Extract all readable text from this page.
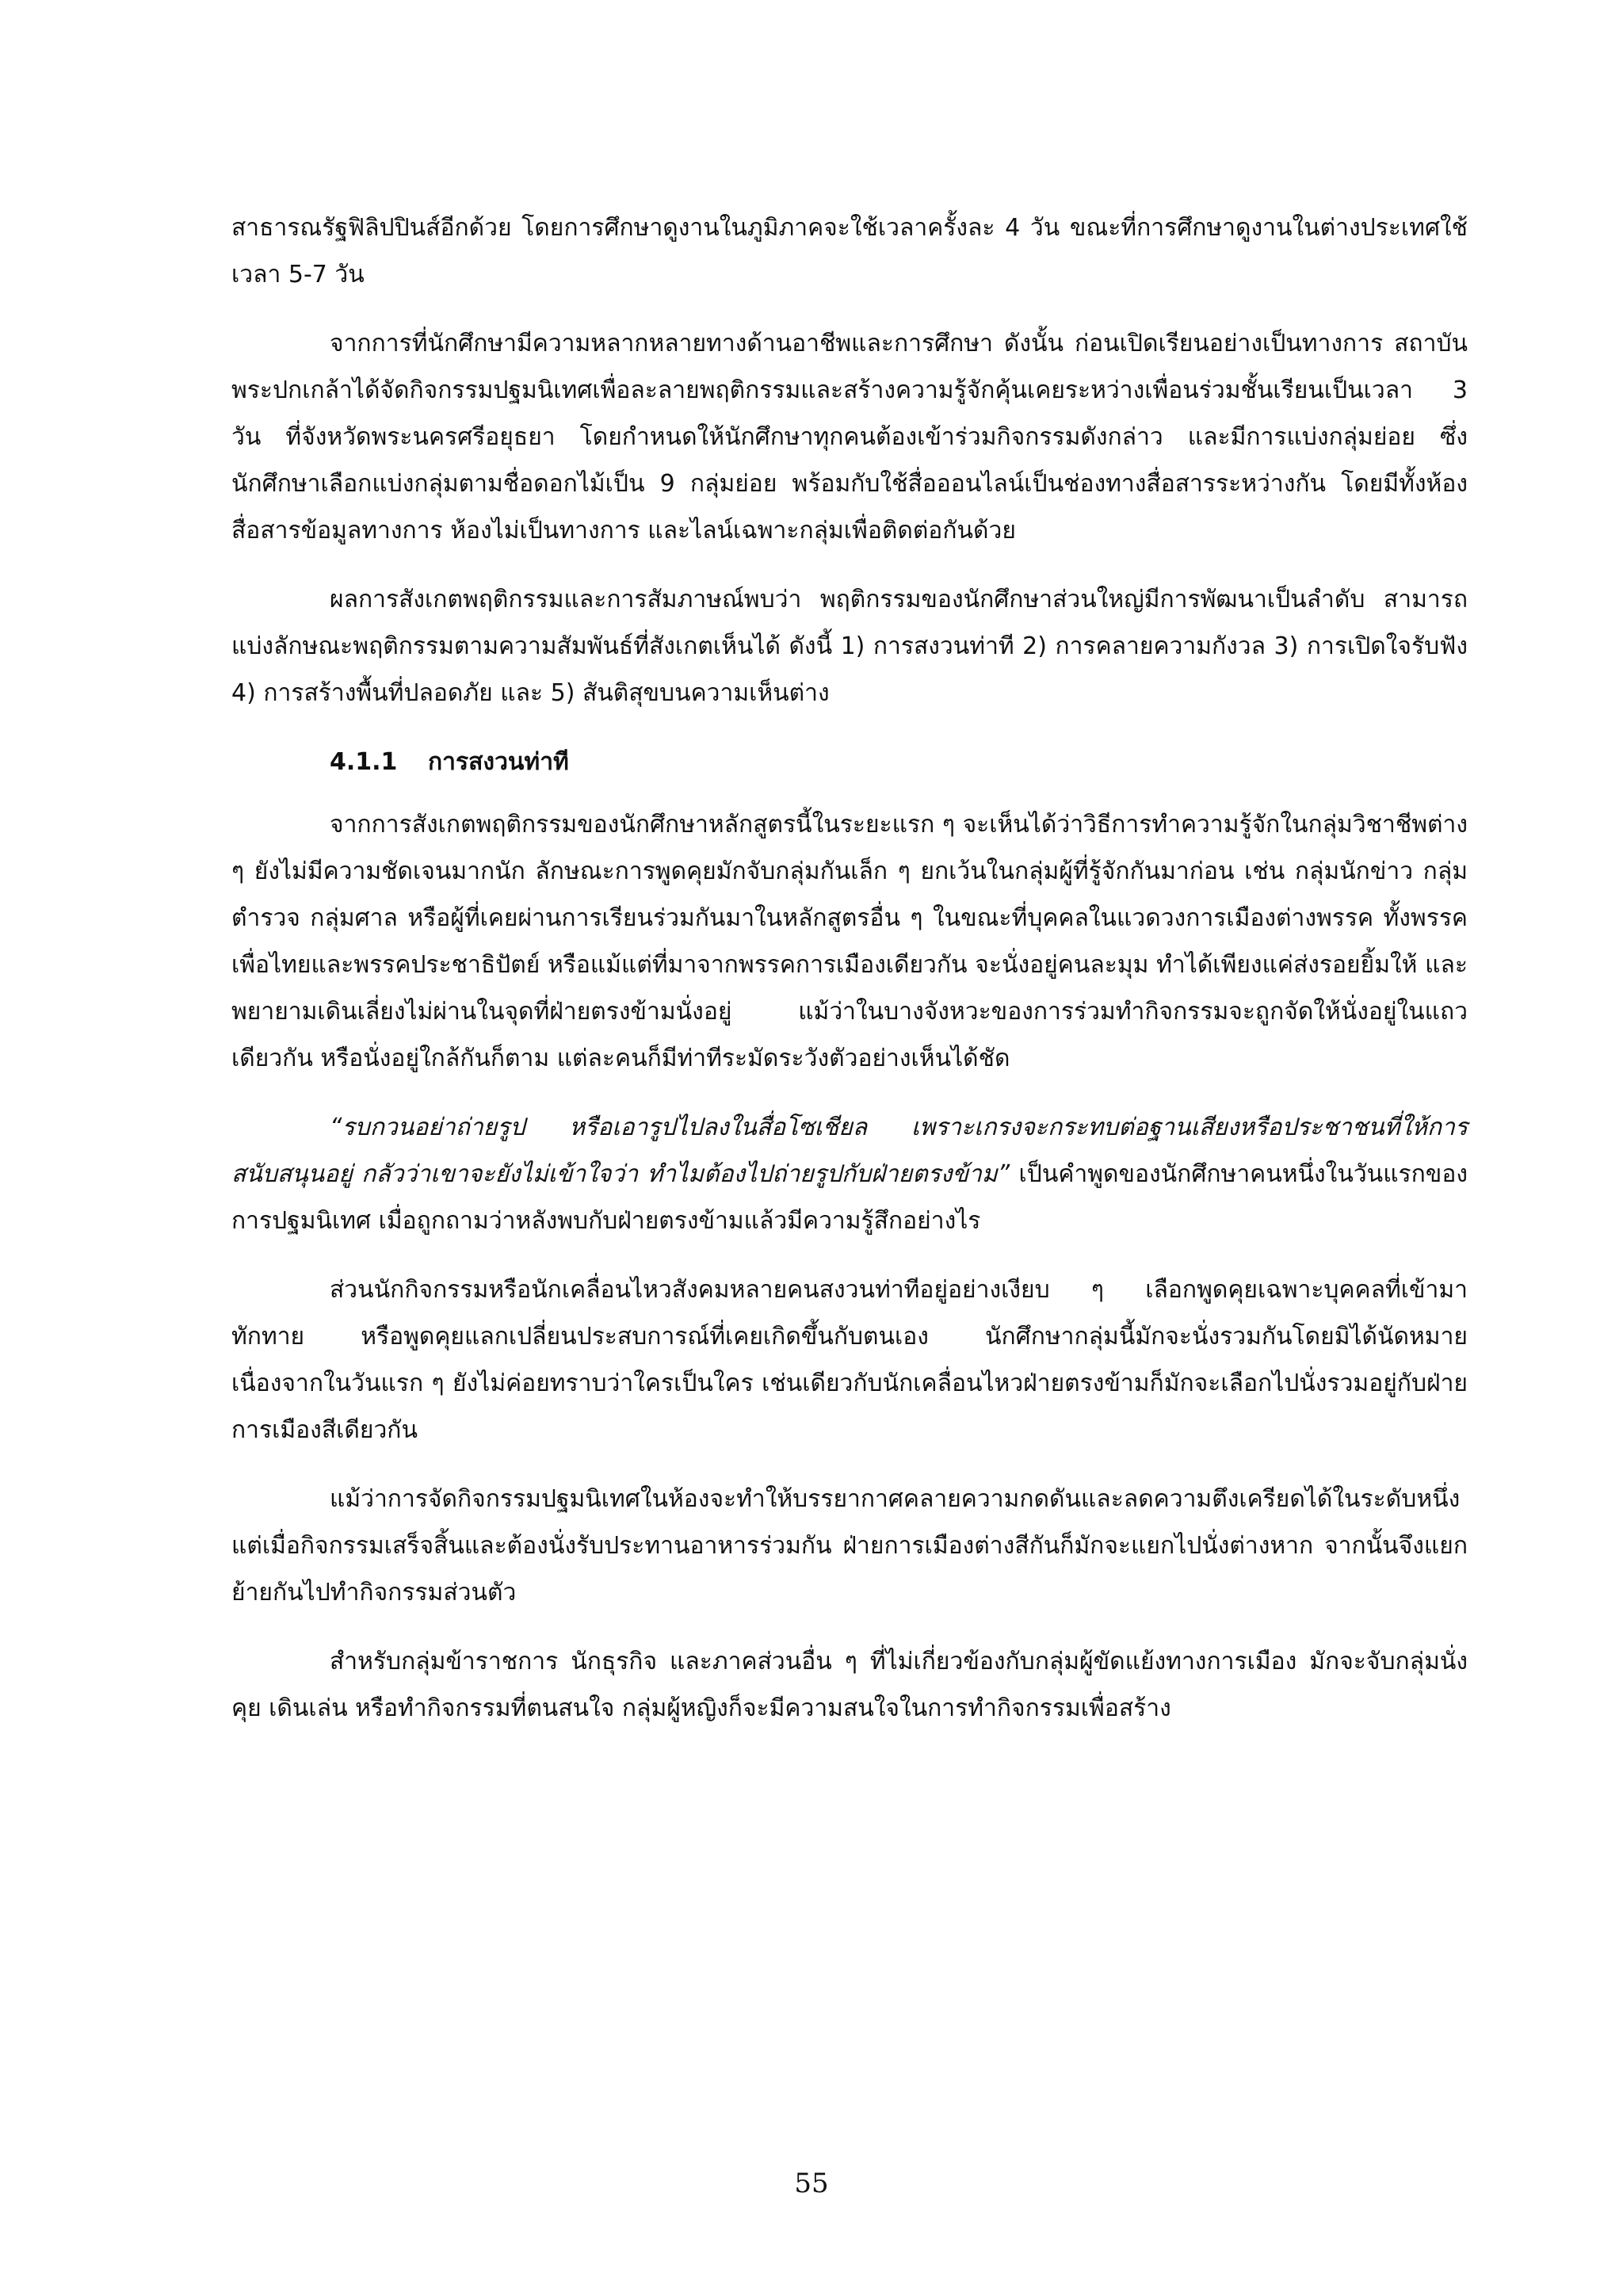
สาธารณรัฐฟิลิปปินส์อีกด้วย โดยการศึกษาดูงานในภูมิภาคจะใช้เวลาครั้งละ 4 วัน ขณะที่การศึกษาดูงานในต่างประเทศใช้เวลา 5-7 วัน

จากการที่นักศึกษามีความหลากหลายทางด้านอาชีพและการศึกษา ดังนั้น ก่อนเปิดเรียนอย่างเป็นทางการ สถาบันพระปกเกล้าได้จัดกิจกรรมปฐมนิเทศเพื่อละลายพฤติกรรมและสร้างความรู้จักคุ้นเคยระหว่างเพื่อนร่วมชั้นเรียนเป็นเวลา 3 วัน ที่จังหวัดพระนครศรีอยุธยา โดยกำหนดให้นักศึกษาทุกคนต้องเข้าร่วมกิจกรรมดังกล่าว และมีการแบ่งกลุ่มย่อย ซึ่งนักศึกษาเลือกแบ่งกลุ่มตามชื่อดอกไม้เป็น 9 กลุ่มย่อย พร้อมกับใช้สื่อออนไลน์เป็นช่องทางสื่อสารระหว่างกัน โดยมีทั้งห้องสื่อสารข้อมูลทางการ ห้องไม่เป็นทางการ และไลน์เฉพาะกลุ่มเพื่อติดต่อกันด้วย

ผลการสังเกตพฤติกรรมและการสัมภาษณ์พบว่า พฤติกรรมของนักศึกษาส่วนใหญ่มีการพัฒนาเป็นลำดับ สามารถแบ่งลักษณะพฤติกรรมตามความสัมพันธ์ที่สังเกตเห็นได้ ดังนี้ 1) การสงวนท่าที 2) การคลายความกังวล 3) การเปิดใจรับฟัง 4) การสร้างพื้นที่ปลอดภัย และ 5) สันติสุขบนความเห็นต่าง

4.1.1 การสงวนท่าที

จากการสังเกตพฤติกรรมของนักศึกษาหลักสูตรนี้ในระยะแรก ๆ จะเห็นได้ว่าวิธีการทำความรู้จักในกลุ่มวิชาชีพต่าง ๆ ยังไม่มีความชัดเจนมากนัก ลักษณะการพูดคุยมักจับกลุ่มกันเล็ก ๆ ยกเว้นในกลุ่มผู้ที่รู้จักกันมาก่อน เช่น กลุ่มนักข่าว กลุ่มตำรวจ กลุ่มศาล หรือผู้ที่เคยผ่านการเรียนร่วมกันมาในหลักสูตรอื่น ๆ ในขณะที่บุคคลในแวดวงการเมืองต่างพรรค ทั้งพรรคเพื่อไทยและพรรคประชาธิปัตย์ หรือแม้แต่ที่มาจากพรรคการเมืองเดียวกัน จะนั่งอยู่คนละมุม ทำได้เพียงแค่ส่งรอยยิ้มให้ และพยายามเดินเลี่ยงไม่ผ่านในจุดที่ฝ่ายตรงข้ามนั่งอยู่ แม้ว่าในบางจังหวะของการร่วมทำกิจกรรมจะถูกจัดให้นั่งอยู่ในแถวเดียวกัน หรือนั่งอยู่ใกล้กันก็ตาม แต่ละคนก็มีท่าทีระมัดระวังตัวอย่างเห็นได้ชัด

“รบกวนอย่าถ่ายรูป หรือเอารูปไปลงในสื่อโซเชียล เพราะเกรงจะกระทบต่อฐานเสียงหรือประชาชนที่ให้การสนับสนุนอยู่ กลัวว่าเขาจะยังไม่เข้าใจว่า ทำไมต้องไปถ่ายรูปกับฝ่ายตรงข้าม” เป็นคำพูดของนักศึกษาคนหนึ่งในวันแรกของการปฐมนิเทศ เมื่อถูกถามว่าหลังพบกับฝ่ายตรงข้ามแล้วมีความรู้สึกอย่างไร

ส่วนนักกิจกรรมหรือนักเคลื่อนไหวสังคมหลายคนสงวนท่าทีอยู่อย่างเงียบ ๆ เลือกพูดคุยเฉพาะบุคคลที่เข้ามาทักทาย หรือพูดคุยแลกเปลี่ยนประสบการณ์ที่เคยเกิดขึ้นกับตนเอง นักศึกษากลุ่มนี้มักจะนั่งรวมกันโดยมิได้นัดหมาย เนื่องจากในวันแรก ๆ ยังไม่ค่อยทราบว่าใครเป็นใคร เช่นเดียวกับนักเคลื่อนไหวฝ่ายตรงข้ามก็มักจะเลือกไปนั่งรวมอยู่กับฝ่ายการเมืองสีเดียวกัน

แม้ว่าการจัดกิจกรรมปฐมนิเทศในห้องจะทำให้บรรยากาศคลายความกดดันและลดความตึงเครียดได้ในระดับหนึ่ง แต่เมื่อกิจกรรมเสร็จสิ้นและต้องนั่งรับประทานอาหารร่วมกัน ฝ่ายการเมืองต่างสีกันก็มักจะแยกไปนั่งต่างหาก จากนั้นจึงแยกย้ายกันไปทำกิจกรรมส่วนตัว

สำหรับกลุ่มข้าราชการ นักธุรกิจ และภาคส่วนอื่น ๆ ที่ไม่เกี่ยวข้องกับกลุ่มผู้ขัดแย้งทางการเมือง มักจะจับกลุ่มนั่งคุย เดินเล่น หรือทำกิจกรรมที่ตนสนใจ กลุ่มผู้หญิงก็จะมีความสนใจในการทำกิจกรรมเพื่อสร้าง

55
